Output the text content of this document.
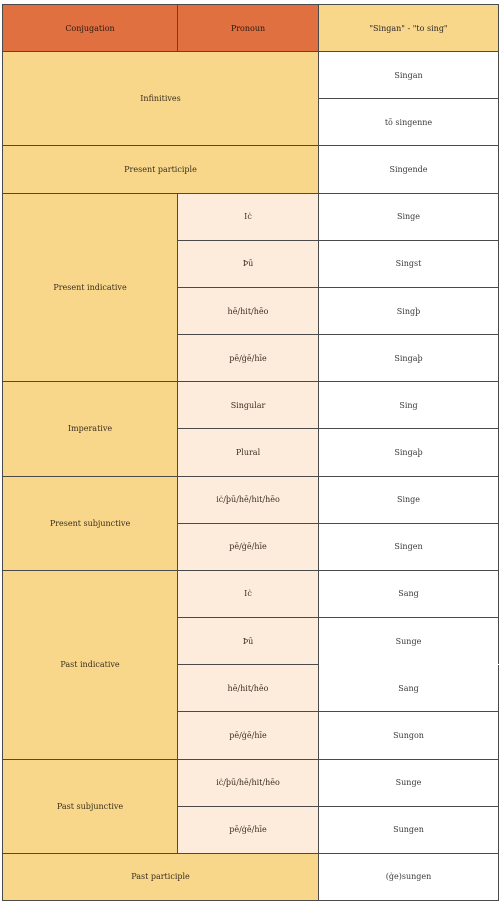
Conjugation	Pronoun	"Singan" - "to sing"
Infinitives		Singan
		tō singenne
Present participle		Singende
Present indicative	Iċ	Singe
	Þū	Singst
	hē/hit/hēo	Singþ
	pē/ġē/hīe	Singaþ
Imperative	Singular	Sing
	Plural	Singaþ
Present subjunctive	iċ/þū/hē/hit/hēo	Singe
	pē/ġē/hīe	Singen
Past indicative	Iċ	Sang
	Þū	Sunge
	hē/hit/hēo	Sang
	pē/ġē/hīe	Sungon
Past subjunctive	iċ/þū/hē/hit/hēo	Sunge
	pē/ġē/hīe	Sungen
Past participle		(ġe)sungen
